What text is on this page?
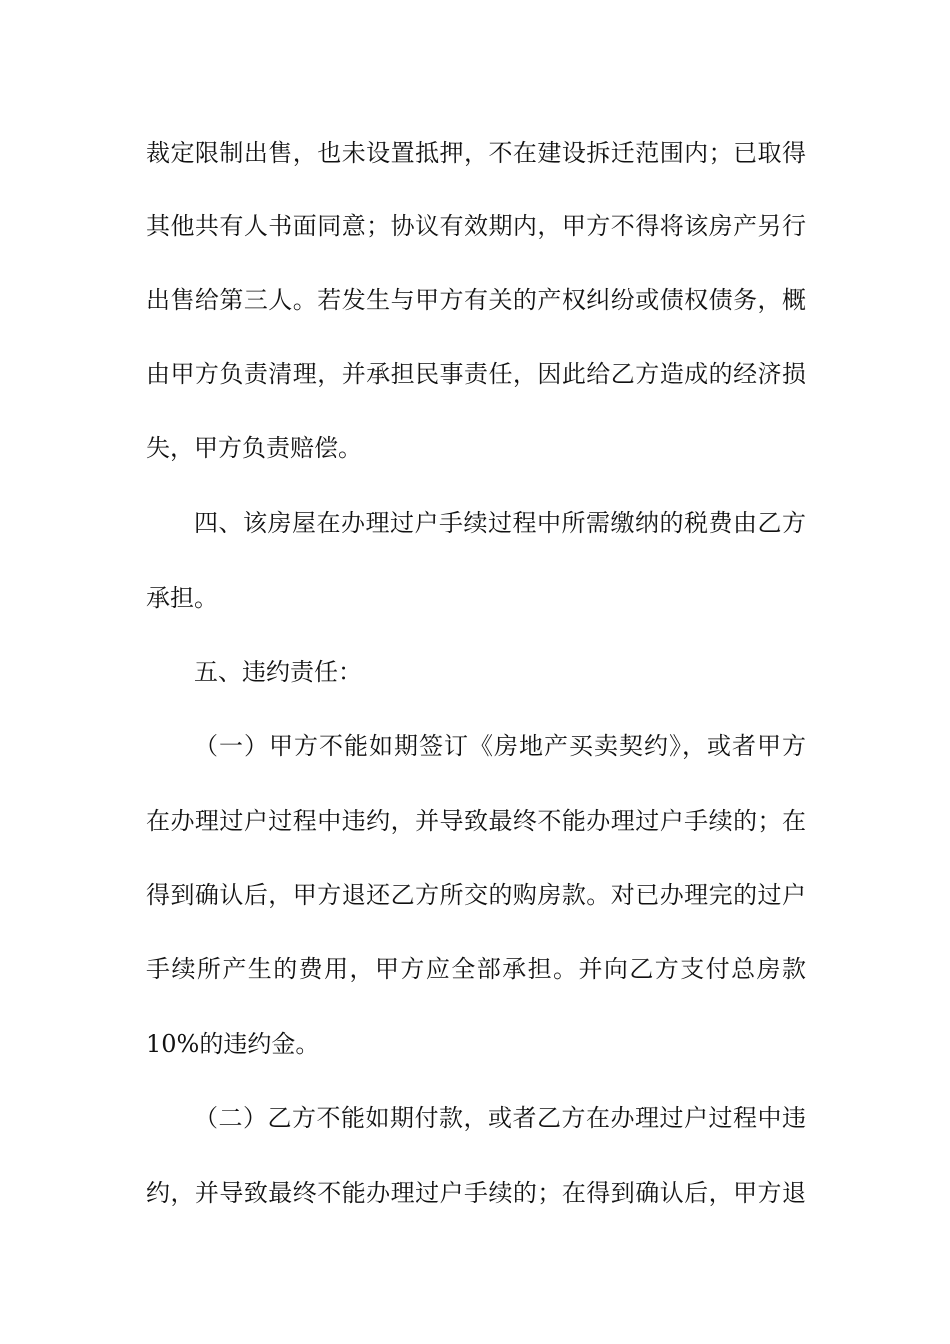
裁定限制出售，也未设置抵押，不在建设拆迁范围内；已取得
其他共有人书面同意；协议有效期内，甲方不得将该房产另行
出售给第三人。若发生与甲方有关的产权纠纷或债权债务，概
由甲方负责清理，并承担民事责任，因此给乙方造成的经济损
失，甲方负责赔偿。
四、该房屋在办理过户手续过程中所需缴纳的税费由乙方
承担。
五、违约责任：
（一）甲方不能如期签订《房地产买卖契约》，或者甲方
在办理过户过程中违约，并导致最终不能办理过户手续的；在
得到确认后，甲方退还乙方所交的购房款。对已办理完的过户
手续所产生的费用，甲方应全部承担。并向乙方支付总房款
10%的违约金。
（二）乙方不能如期付款，或者乙方在办理过户过程中违
约，并导致最终不能办理过户手续的；在得到确认后，甲方退
